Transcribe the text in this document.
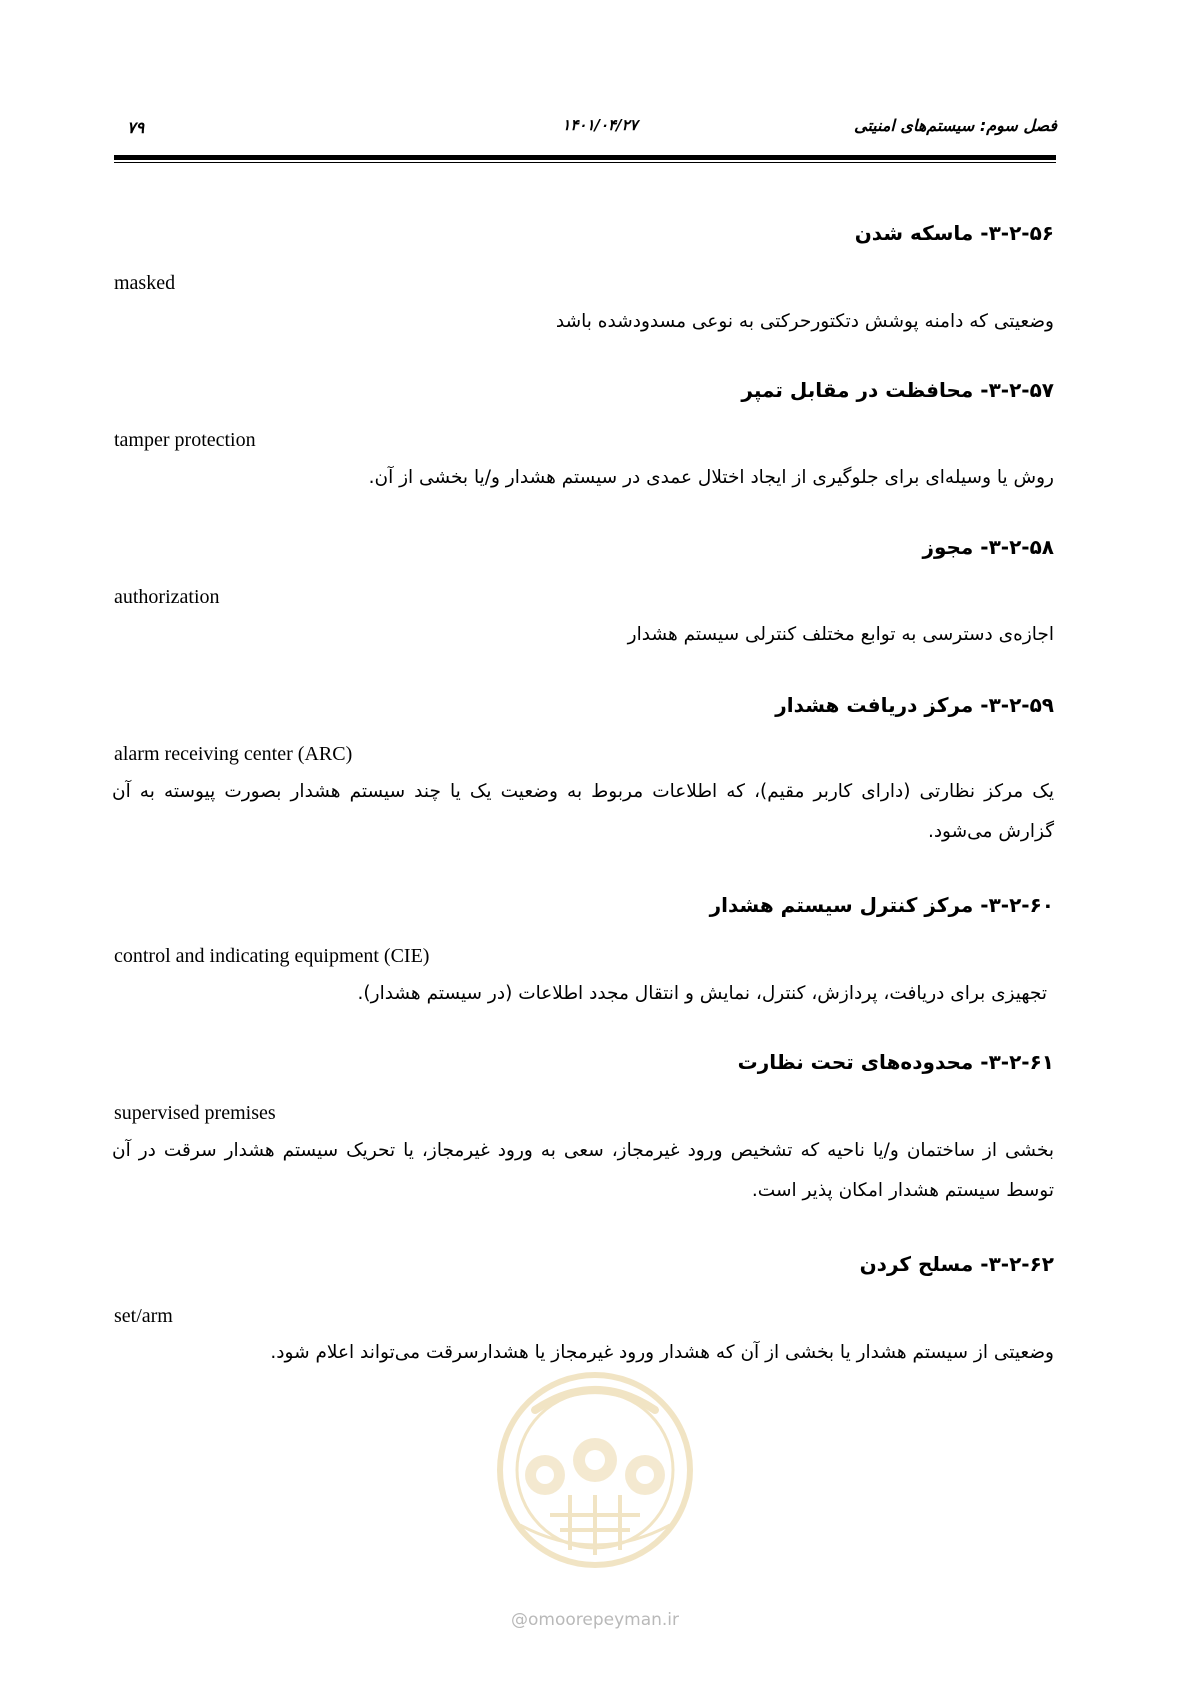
۷۹	۱۴۰۱/۰۴/۲۷	فصل سوم: سیستم‌های امنیتی
۳-۲-۵۶- ماسکه شدن
masked
وضعیتی که دامنه پوشش دتکتورحرکتی به نوعی مسدودشده باشد
۳-۲-۵۷- محافظت در مقابل تمپر
tamper protection
روش یا وسیله‌ای برای جلوگیری از ایجاد اختلال عمدی در سیستم هشدار و/یا بخشی از آن.
۳-۲-۵۸- مجوز
authorization
اجازه‌ی دسترسی به توابع مختلف کنترلی سیستم هشدار
۳-۲-۵۹- مرکز دریافت هشدار
alarm receiving center (ARC)
یک مرکز نظارتی (دارای کاربر مقیم)، که اطلاعات مربوط به وضعیت یک یا چند سیستم هشدار بصورت پیوسته به آن گزارش می‌شود.
۳-۲-۶۰- مرکز کنترل سیستم هشدار
control and indicating equipment (CIE)
تجهیزی برای دریافت، پردازش، کنترل، نمایش و انتقال مجدد اطلاعات (در سیستم هشدار).
۳-۲-۶۱- محدوده‌های تحت نظارت
supervised premises
بخشی از ساختمان و/یا ناحیه که تشخیص ورود غیرمجاز، سعی به ورود غیرمجاز، یا تحریک سیستم هشدار سرقت در آن توسط سیستم هشدار امکان پذیر است.
۳-۲-۶۲- مسلح کردن
set/arm
وضعیتی از سیستم هشدار یا بخشی از آن که هشدار ورود غیرمجاز یا هشدارسرقت می‌تواند اعلام شود.
@omoorepeyman.ir
